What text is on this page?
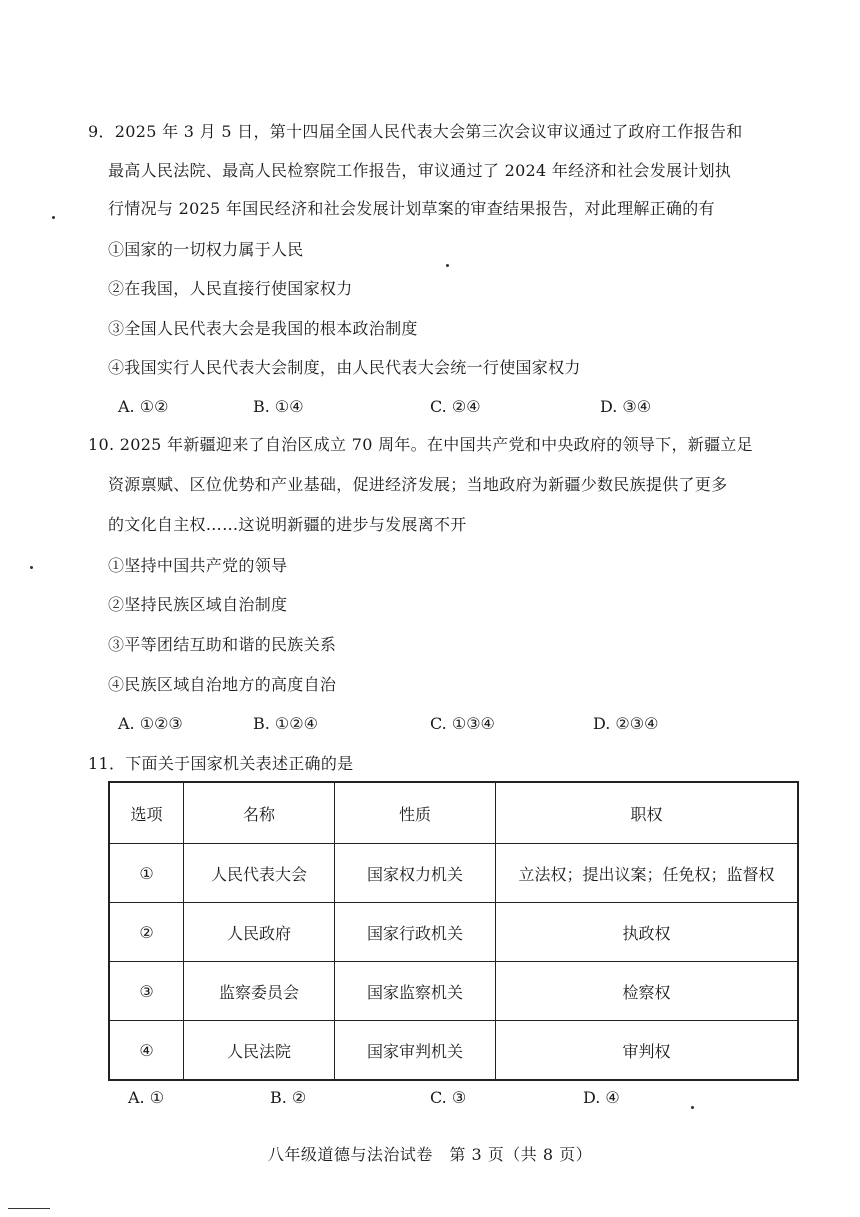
9．2025 年 3 月 5 日，第十四届全国人民代表大会第三次会议审议通过了政府工作报告和
最高人民法院、最高人民检察院工作报告，审议通过了 2024 年经济和社会发展计划执
行情况与 2025 年国民经济和社会发展计划草案的审查结果报告，对此理解正确的有
①国家的一切权力属于人民
②在我国，人民直接行使国家权力
③全国人民代表大会是我国的根本政治制度
④我国实行人民代表大会制度，由人民代表大会统一行使国家权力
A. ①②	B. ①④	C. ②④	D. ③④
10. 2025 年新疆迎来了自治区成立 70 周年。在中国共产党和中央政府的领导下，新疆立足
资源禀赋、区位优势和产业基础，促进经济发展；当地政府为新疆少数民族提供了更多
的文化自主权……这说明新疆的进步与发展离不开
①坚持中国共产党的领导
②坚持民族区域自治制度
③平等团结互助和谐的民族关系
④民族区域自治地方的高度自治
A. ①②③	B. ①②④	C. ①③④	D. ②③④
11．下面关于国家机关表述正确的是
选项	名称	性质	职权
①	人民代表大会	国家权力机关	立法权；提出议案；任免权；监督权
②	人民政府	国家行政机关	执政权
③	监察委员会	国家监察机关	检察权
④	人民法院	国家审判机关	审判权
A. ①	B. ②	C. ③	D. ④
八年级道德与法治试卷　第 3 页（共 8 页）
